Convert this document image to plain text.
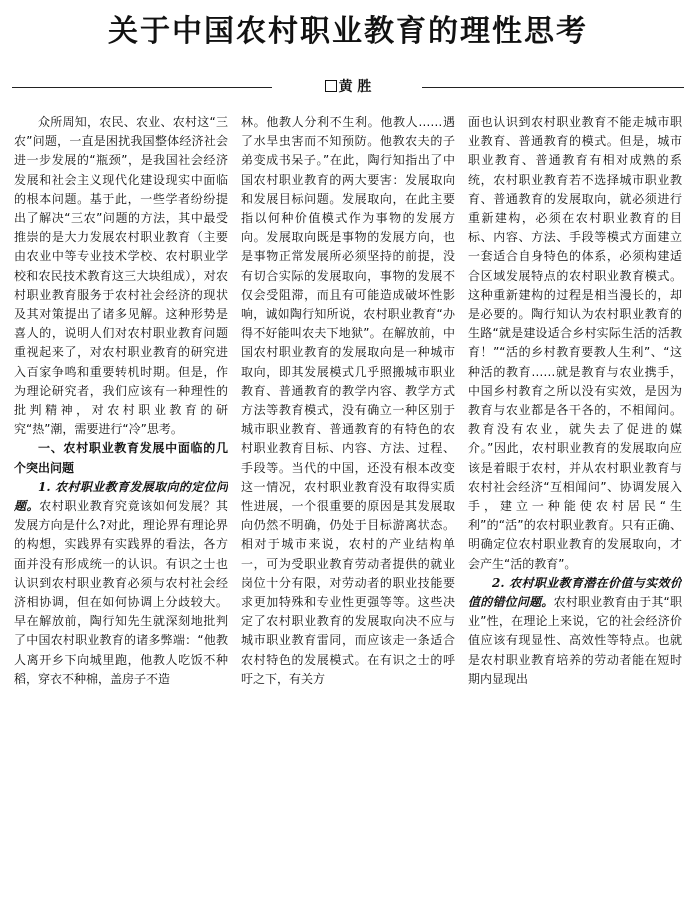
关于中国农村职业教育的理性思考
黄 胜

众所周知，农民、农业、农村这“三农”问题，一直是困扰我国整体经济社会进一步发展的“瓶颈”，是我国社会经济发展和社会主义现代化建设现实中面临的根本问题。基于此，一些学者纷纷提出了解决“三农”问题的方法，其中最受推崇的是大力发展农村职业教育（主要由农业中等专业技术学校、农村职业学校和农民技术教育这三大块组成），对农村职业教育服务于农村社会经济的现状及其对策提出了诸多见解。这种形势是喜人的，说明人们对农村职业教育问题重视起来了，对农村职业教育的研究进入百家争鸣和重要转机时期。但是，作为理论研究者，我们应该有一种理性的批判精神，对农村职业教育的研究“热”潮，需要进行“冷”思考。

一、农村职业教育发展中面临的几个突出问题

1. 农村职业教育发展取向的定位问题。农村职业教育究竟该如何发展？其发展方向是什么?对此，理论界有理论界的构想，实践界有实践界的看法，各方面并没有形成统一的认识。有识之士也认识到农村职业教育必须与农村社会经济相协调，但在如何协调上分歧较大。早在解放前，陶行知先生就深刻地批判了中国农村职业教育的诸多弊端：“他教人离开乡下向城里跑，他教人吃饭不种稻，穿衣不种棉，盖房子不造

林。他教人分利不生利。他教人……遇了水旱虫害而不知预防。他教农夫的子弟变成书呆子。”在此，陶行知指出了中国农村职业教育的两大要害：发展取向和发展目标问题。发展取向，在此主要指以何种价值模式作为事物的发展方向。发展取向既是事物的发展方向，也是事物正常发展所必须坚持的前提，没有切合实际的发展取向，事物的发展不仅会受阻滞，而且有可能造成破坏性影响，诚如陶行知所说，农村职业教育“办得不好能叫农夫下地狱”。在解放前，中国农村职业教育的发展取向是一种城市取向，即其发展模式几乎照搬城市职业教育、普通教育的教学内容、教学方式方法等教育模式，没有确立一种区别于城市职业教育、普通教育的有特色的农村职业教育目标、内容、方法、过程、手段等。当代的中国，还没有根本改变这一情况，农村职业教育没有取得实质性进展，一个很重要的原因是其发展取向仍然不明确，仍处于目标游离状态。相对于城市来说，农村的产业结构单一，可为受职业教育劳动者提供的就业岗位十分有限，对劳动者的职业技能要求更加特殊和专业性更强等等。这些决定了农村职业教育的发展取向决不应与城市职业教育雷同，而应该走一条适合农村特色的发展模式。在有识之士的呼吁之下，有关方

面也认识到农村职业教育不能走城市职业教育、普通教育的模式。但是，城市职业教育、普通教育有相对成熟的系统，农村职业教育若不选择城市职业教育、普通教育的发展取向，就必须进行重新建构，必须在农村职业教育的目标、内容、方法、手段等模式方面建立一套适合自身特色的体系，必须构建适合区域发展特点的农村职业教育模式。这种重新建构的过程是相当漫长的，却是必要的。陶行知认为农村职业教育的生路“就是建设适合乡村实际生活的活教育！”“活的乡村教育要教人生利”、“这种活的教育……就是教育与农业携手，中国乡村教育之所以没有实效，是因为教育与农业都是各干各的，不相闻问。教育没有农业，就失去了促进的媒介。”因此，农村职业教育的发展取向应该是着眼于农村，并从农村职业教育与农村社会经济“互相闻问”、协调发展入手，建立一种能使农村居民“生利”的“活”的农村职业教育。只有正确、明确定位农村职业教育的发展取向，才会产生“活的教育”。

2. 农村职业教育潜在价值与实效价值的错位问题。农村职业教育由于其“职业”性，在理论上来说，它的社会经济价值应该有现显性、高效性等特点。也就是农村职业教育培养的劳动者能在短时期内显现出
